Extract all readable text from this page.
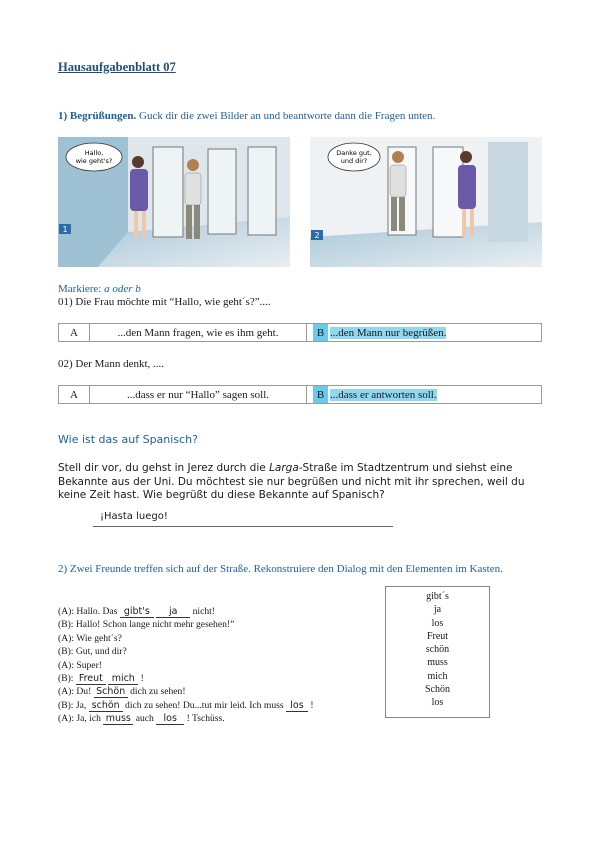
Hausaufgabenblatt 07
1) Begrüßungen. Guck dir die zwei Bilder an und beantworte dann die Fragen unten.
Hallo,
wie geht's?
1
Danke gut,
und dir?
2
Markiere: a oder b
01) Die Frau möchte mit “Hallo, wie geht´s?”....
A	...den Mann fragen, wie es ihm geht.	B ...den Mann nur begrüßen.
02) Der Mann denkt, ....
A	...dass er nur “Hallo” sagen soll.	B ...dass er antworten soll.
Wie ist das auf Spanisch?
Stell dir vor, du gehst in Jerez durch die Larga-Straße im Stadtzentrum und siehst eine Bekannte aus der Uni. Du möchtest sie nur begrüßen und nicht mit ihr sprechen, weil du keine Zeit hast. Wie begrüßt du diese Bekannte auf Spanisch?
¡Hasta luego!
2) Zwei Freunde treffen sich auf der Straße. Rekonstruiere den Dialog mit den Elementen im Kasten.
(A): Hallo. Das gibt's ja nicht!
(B): Hallo! Schon lange nicht mehr gesehen!”
(A): Wie geht´s?
(B): Gut, und dir?
(A): Super!
(B): Freut mich !
(A): Du! Schön dich zu sehen!
(B): Ja, schön dich zu sehen! Du...tut mir leid. Ich muss los !
(A): Ja, ich muss auch los ! Tschüss.
gibt´s
ja
los
Freut
schön
muss
mich
Schön
los
